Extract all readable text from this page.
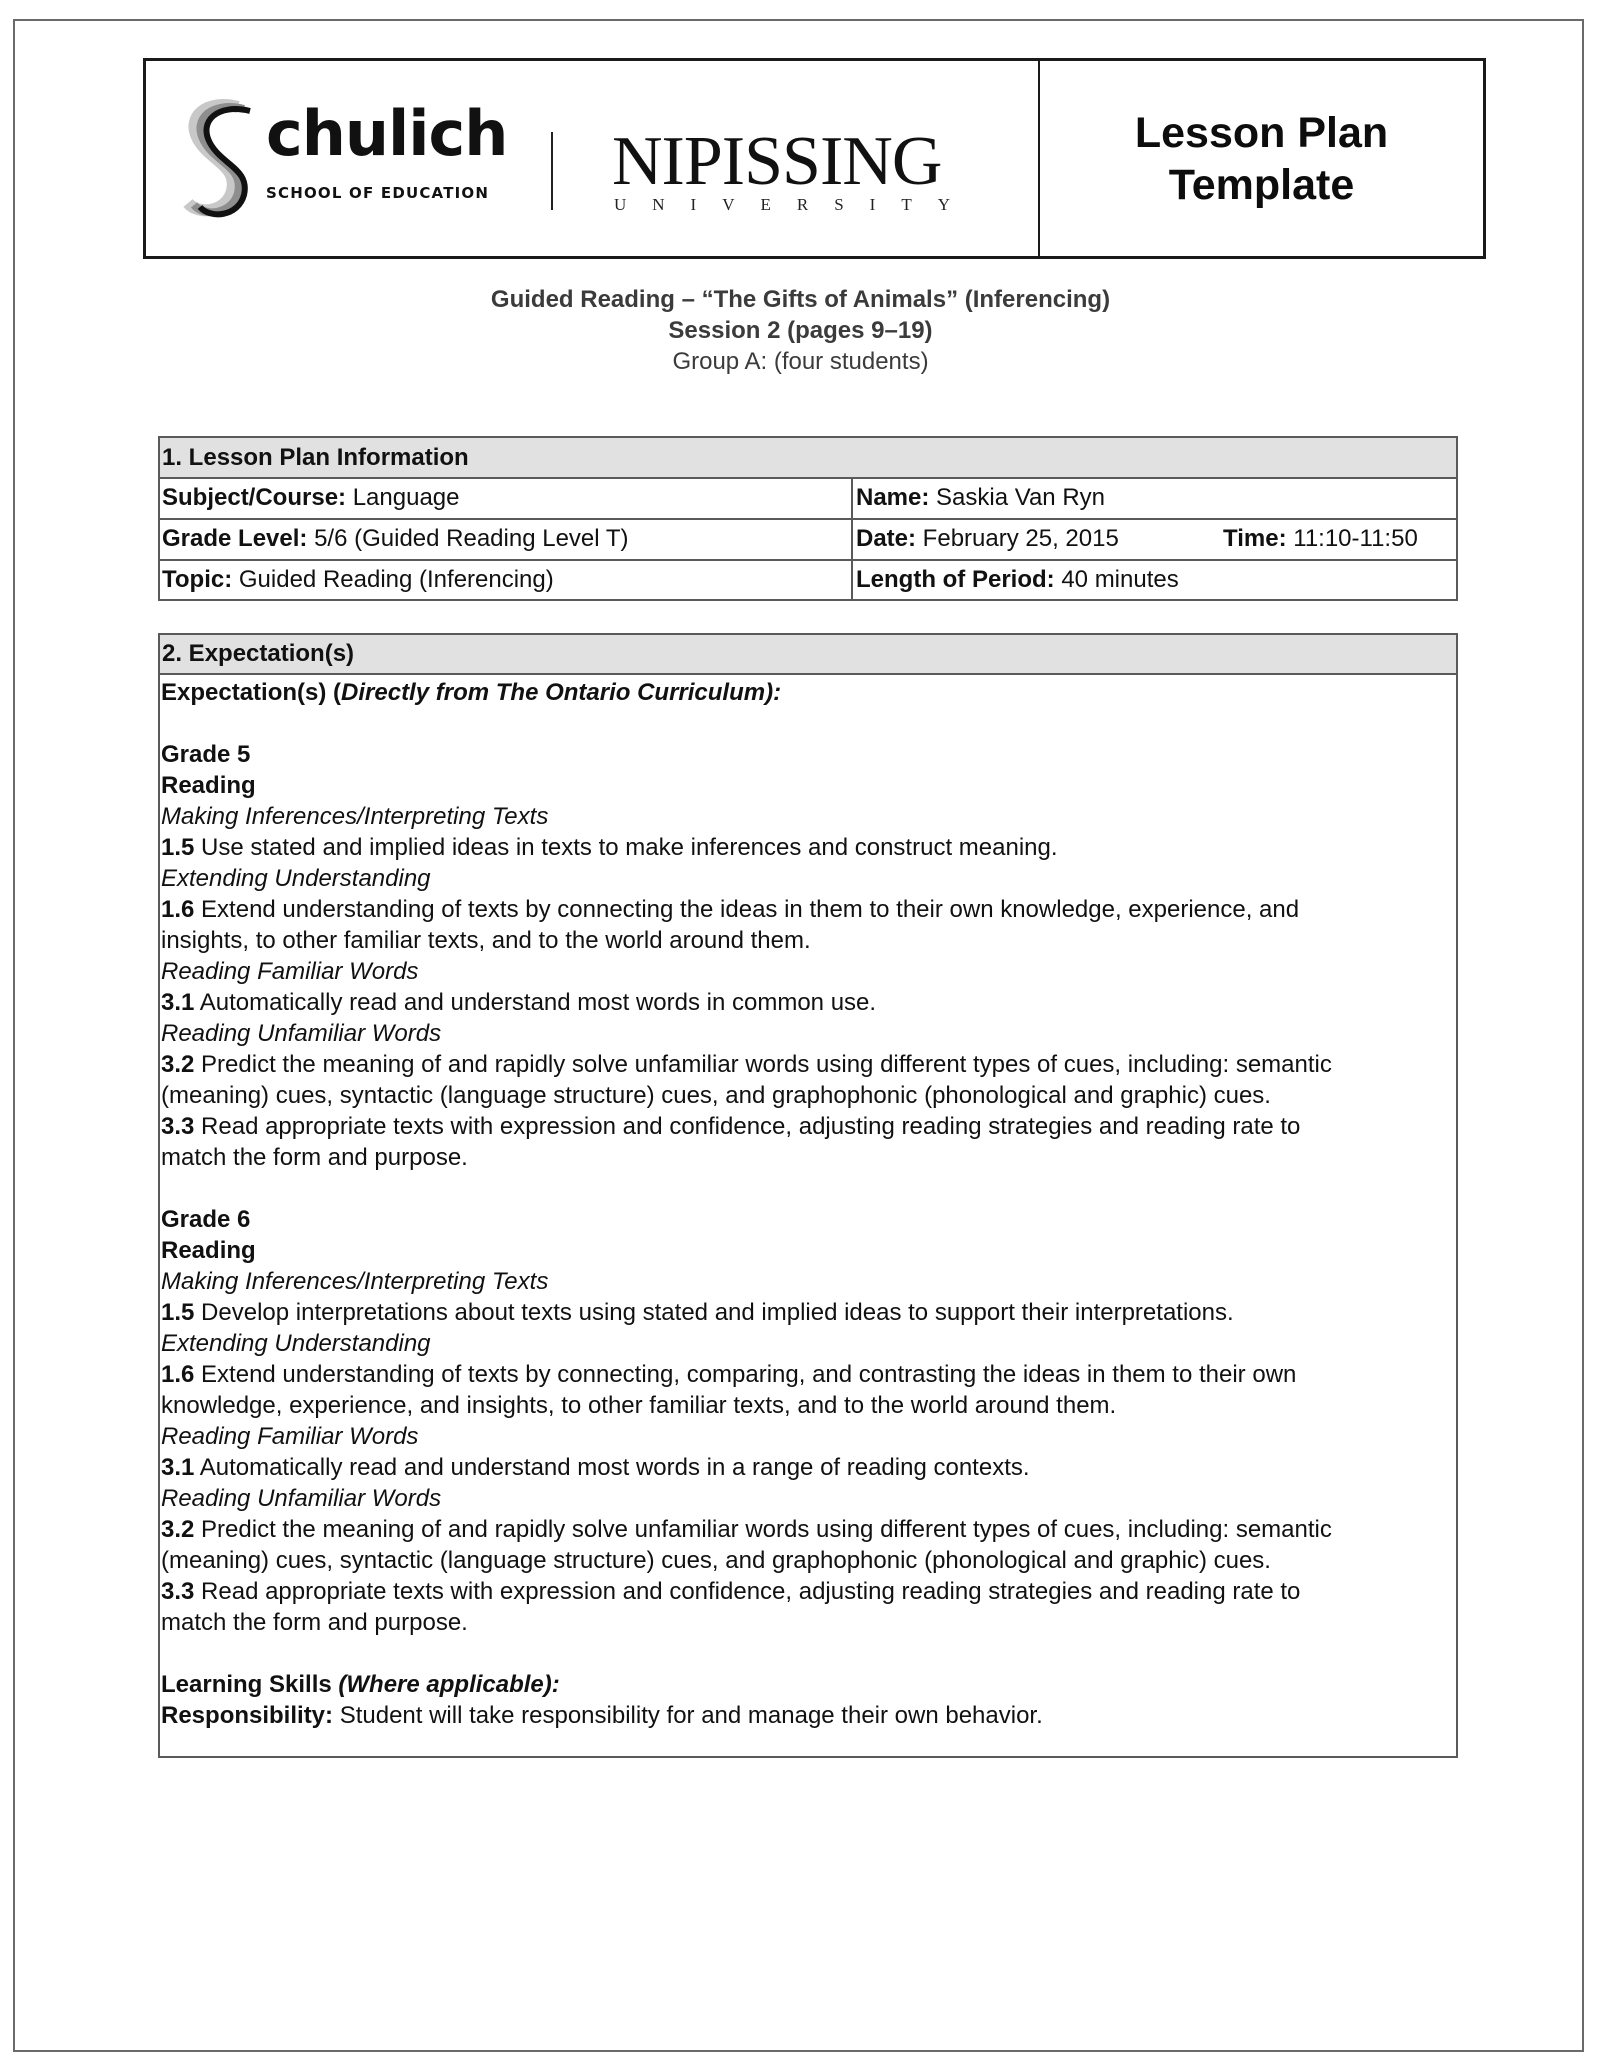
chulich
SCHOOL OF EDUCATION NIPISSING
UNIVERSITY
Lesson Plan
Template
Guided Reading – “The Gifts of Animals” (Inferencing)
Session 2 (pages 9–19)
Group A: (four students)
1. Lesson Plan Information
Subject/Course: Language	Name: Saskia Van Ryn
Grade Level: 5/6 (Guided Reading Level T)	Date: February 25, 2015	Time: 11:10-11:50
Topic: Guided Reading (Inferencing)	Length of Period: 40 minutes
2. Expectation(s)
Expectation(s) (Directly from The Ontario Curriculum):
Grade 5
Reading
Making Inferences/Interpreting Texts
1.5 Use stated and implied ideas in texts to make inferences and construct meaning.
Extending Understanding
1.6 Extend understanding of texts by connecting the ideas in them to their own knowledge, experience, and
insights, to other familiar texts, and to the world around them.
Reading Familiar Words
3.1 Automatically read and understand most words in common use.
Reading Unfamiliar Words
3.2 Predict the meaning of and rapidly solve unfamiliar words using different types of cues, including: semantic
(meaning) cues, syntactic (language structure) cues, and graphophonic (phonological and graphic) cues.
3.3 Read appropriate texts with expression and confidence, adjusting reading strategies and reading rate to
match the form and purpose.
Grade 6
Reading
Making Inferences/Interpreting Texts
1.5 Develop interpretations about texts using stated and implied ideas to support their interpretations.
Extending Understanding
1.6 Extend understanding of texts by connecting, comparing, and contrasting the ideas in them to their own
knowledge, experience, and insights, to other familiar texts, and to the world around them.
Reading Familiar Words
3.1 Automatically read and understand most words in a range of reading contexts.
Reading Unfamiliar Words
3.2 Predict the meaning of and rapidly solve unfamiliar words using different types of cues, including: semantic
(meaning) cues, syntactic (language structure) cues, and graphophonic (phonological and graphic) cues.
3.3 Read appropriate texts with expression and confidence, adjusting reading strategies and reading rate to
match the form and purpose.
Learning Skills (Where applicable):
Responsibility: Student will take responsibility for and manage their own behavior.
